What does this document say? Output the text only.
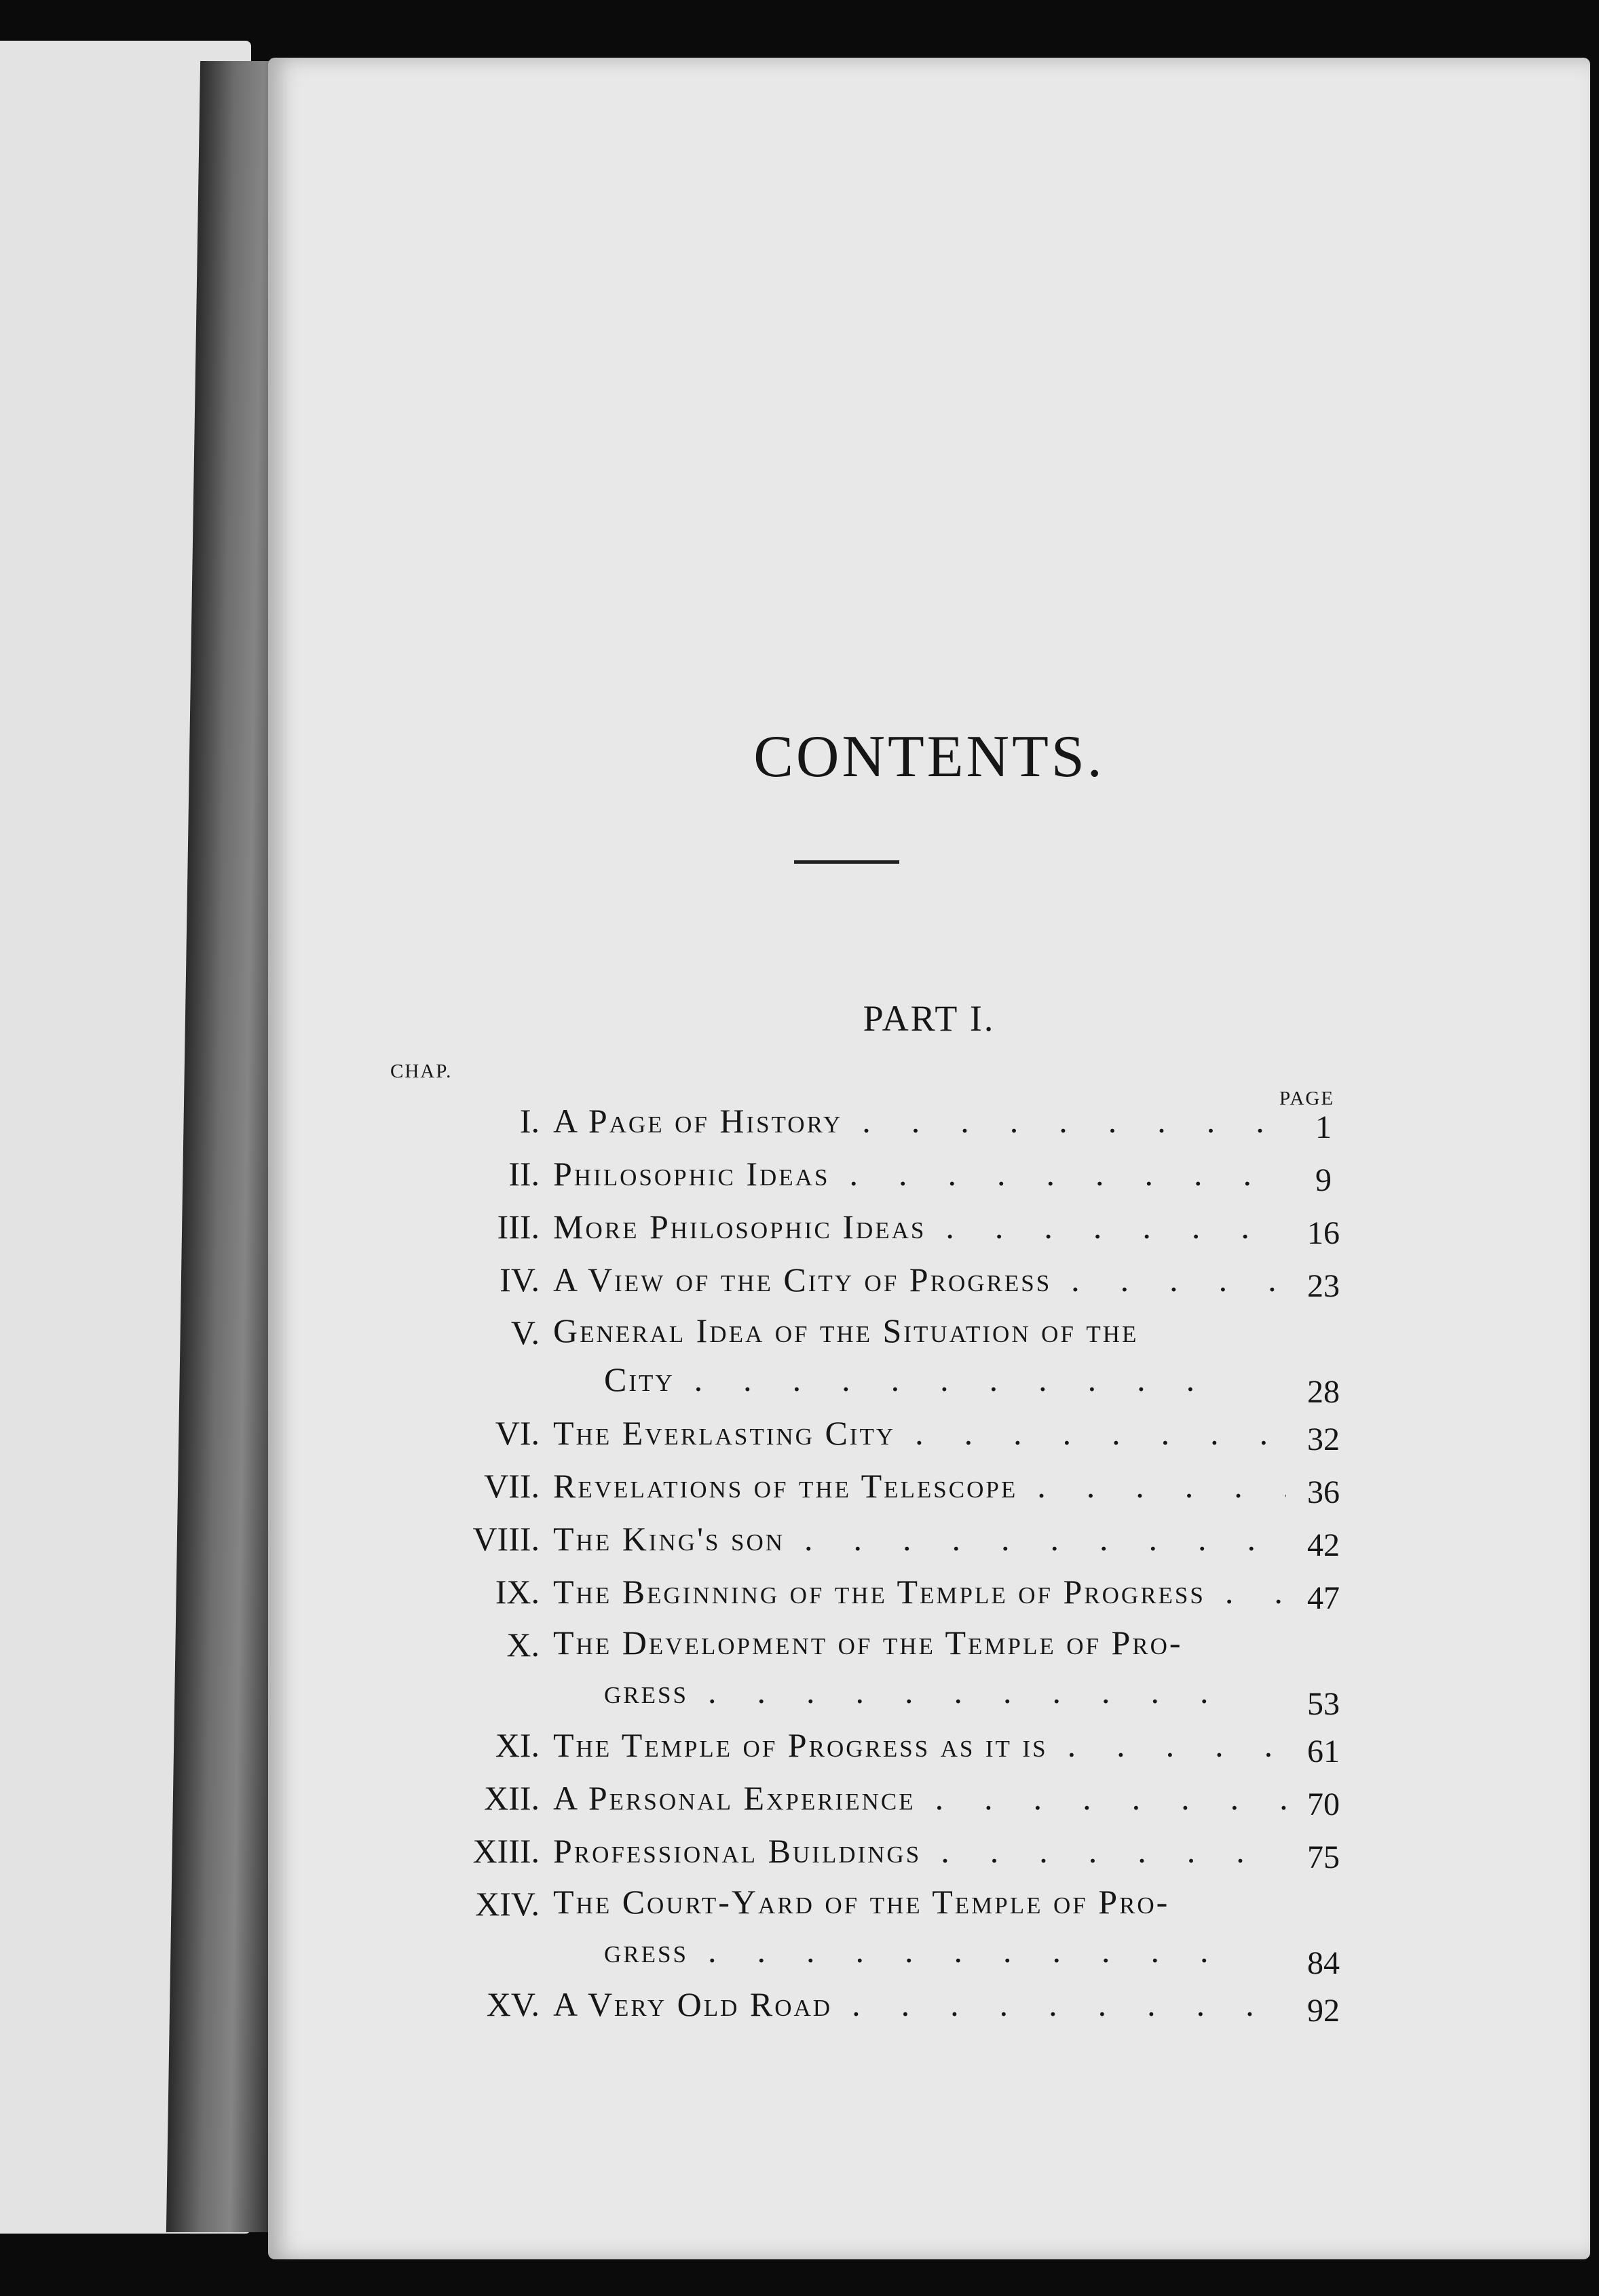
CONTENTS.
PART I.
CHAP.
PAGE
I. A Page of History .	1
II. Philosophic Ideas .	9
III. More Philosophic Ideas .	16
IV. A View of the City of Progress .	23
V. General Idea of the Situation of the
City  .    .    .    .    .    .    .    .    .    .    .	28
VI. The Everlasting City .	32
VII. Revelations of the Telescope .	36
VIII. The King's son .	42
IX. The Beginning of the Temple of Progress .	47
X. The Development of the Temple of Pro-
gress  .    .    .    .    .    .    .    .    .    .    .	53
XI. The Temple of Progress as it is .	61
XII. A Personal Experience .	70
XIII. Professional Buildings .	75
XIV. The Court-Yard of the Temple of Pro-
gress  .    .    .    .    .    .    .    .    .    .    .	84
XV. A Very Old Road .	92
